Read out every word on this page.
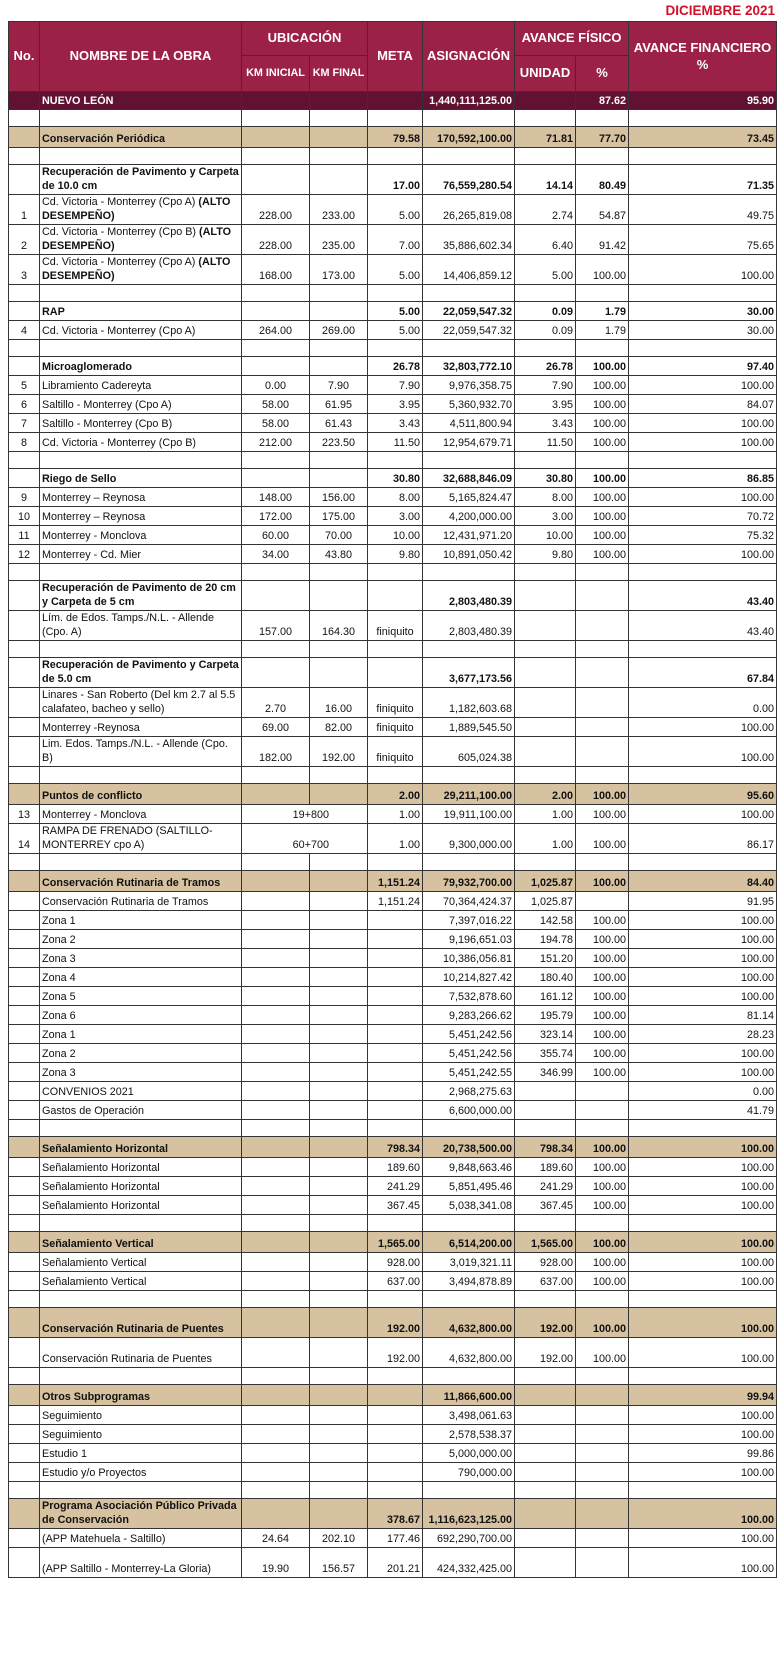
DICIEMBRE 2021
No.	NOMBRE DE LA OBRA	UBICACIÓN		META	ASIGNACIÓN	AVANCE FÍSICO		AVANCE FINANCIERO %
		KM INICIAL	KM FINAL			UNIDAD	%	
	NUEVO LEÓN				1,440,111,125.00		87.62	95.90

	Conservación Periódica			79.58	170,592,100.00	71.81	77.70	73.45

	Recuperación de Pavimento y Carpeta de 10.0 cm			17.00	76,559,280.54	14.14	80.49	71.35
1	Cd. Victoria - Monterrey (Cpo A) (ALTO DESEMPEÑO)	228.00	233.00	5.00	26,265,819.08	2.74	54.87	49.75
2	Cd. Victoria - Monterrey (Cpo B) (ALTO DESEMPEÑO)	228.00	235.00	7.00	35,886,602.34	6.40	91.42	75.65
3	Cd. Victoria - Monterrey (Cpo A) (ALTO DESEMPEÑO)	168.00	173.00	5.00	14,406,859.12	5.00	100.00	100.00

	RAP			5.00	22,059,547.32	0.09	1.79	30.00
4	Cd. Victoria - Monterrey (Cpo A)	264.00	269.00	5.00	22,059,547.32	0.09	1.79	30.00

	Microaglomerado			26.78	32,803,772.10	26.78	100.00	97.40
5	Libramiento Cadereyta	0.00	7.90	7.90	9,976,358.75	7.90	100.00	100.00
6	Saltillo - Monterrey (Cpo A)	58.00	61.95	3.95	5,360,932.70	3.95	100.00	84.07
7	Saltillo - Monterrey (Cpo B)	58.00	61.43	3.43	4,511,800.94	3.43	100.00	100.00
8	Cd. Victoria - Monterrey (Cpo B)	212.00	223.50	11.50	12,954,679.71	11.50	100.00	100.00

	Riego de Sello			30.80	32,688,846.09	30.80	100.00	86.85
9	Monterrey – Reynosa	148.00	156.00	8.00	5,165,824.47	8.00	100.00	100.00
10	Monterrey – Reynosa	172.00	175.00	3.00	4,200,000.00	3.00	100.00	70.72
11	Monterrey - Monclova	60.00	70.00	10.00	12,431,971.20	10.00	100.00	75.32
12	Monterrey - Cd. Mier	34.00	43.80	9.80	10,891,050.42	9.80	100.00	100.00

	Recuperación de Pavimento de 20 cm y Carpeta de 5 cm				2,803,480.39			43.40
	Lím. de Edos. Tamps./N.L. - Allende (Cpo. A)	157.00	164.30	finiquito	2,803,480.39			43.40

	Recuperación de Pavimento y Carpeta de 5.0 cm				3,677,173.56			67.84
	Linares - San Roberto (Del km 2.7 al 5.5 calafateo, bacheo y sello)	2.70	16.00	finiquito	1,182,603.68			0.00
	Monterrey -Reynosa	69.00	82.00	finiquito	1,889,545.50			100.00
	Lim. Edos. Tamps./N.L. - Allende (Cpo. B)	182.00	192.00	finiquito	605,024.38			100.00

	Puntos de conflicto			2.00	29,211,100.00	2.00	100.00	95.60
13	Monterrey - Monclova	19+800		1.00	19,911,100.00	1.00	100.00	100.00
14	RAMPA DE FRENADO (SALTILLO-MONTERREY cpo A)	60+700		1.00	9,300,000.00	1.00	100.00	86.17

	Conservación Rutinaria de Tramos			1,151.24	79,932,700.00	1,025.87	100.00	84.40
	Conservación Rutinaria de Tramos			1,151.24	70,364,424.37	1,025.87		91.95
	Zona 1				7,397,016.22	142.58	100.00	100.00
	Zona 2				9,196,651.03	194.78	100.00	100.00
	Zona 3				10,386,056.81	151.20	100.00	100.00
	Zona 4				10,214,827.42	180.40	100.00	100.00
	Zona 5				7,532,878.60	161.12	100.00	100.00
	Zona 6				9,283,266.62	195.79	100.00	81.14
	Zona 1				5,451,242.56	323.14	100.00	28.23
	Zona 2				5,451,242.56	355.74	100.00	100.00
	Zona 3				5,451,242.55	346.99	100.00	100.00
	CONVENIOS 2021				2,968,275.63			0.00
	Gastos de Operación				6,600,000.00			41.79

	Señalamiento Horizontal			798.34	20,738,500.00	798.34	100.00	100.00
	Señalamiento Horizontal			189.60	9,848,663.46	189.60	100.00	100.00
	Señalamiento Horizontal			241.29	5,851,495.46	241.29	100.00	100.00
	Señalamiento Horizontal			367.45	5,038,341.08	367.45	100.00	100.00

	Señalamiento Vertical			1,565.00	6,514,200.00	1,565.00	100.00	100.00
	Señalamiento Vertical			928.00	3,019,321.11	928.00	100.00	100.00
	Señalamiento Vertical			637.00	3,494,878.89	637.00	100.00	100.00

	Conservación Rutinaria de Puentes			192.00	4,632,800.00	192.00	100.00	100.00
	Conservación Rutinaria de Puentes			192.00	4,632,800.00	192.00	100.00	100.00

	Otros Subprogramas				11,866,600.00			99.94
	Seguimiento				3,498,061.63			100.00
	Seguimiento				2,578,538.37			100.00
	Estudio 1				5,000,000.00			99.86
	Estudio y/o Proyectos				790,000.00			100.00

	Programa Asociación Público Privada de Conservación			378.67	1,116,623,125.00			100.00
	(APP Matehuela - Saltillo)	24.64	202.10	177.46	692,290,700.00			100.00
	(APP Saltillo - Monterrey-La Gloria)	19.90	156.57	201.21	424,332,425.00			100.00
